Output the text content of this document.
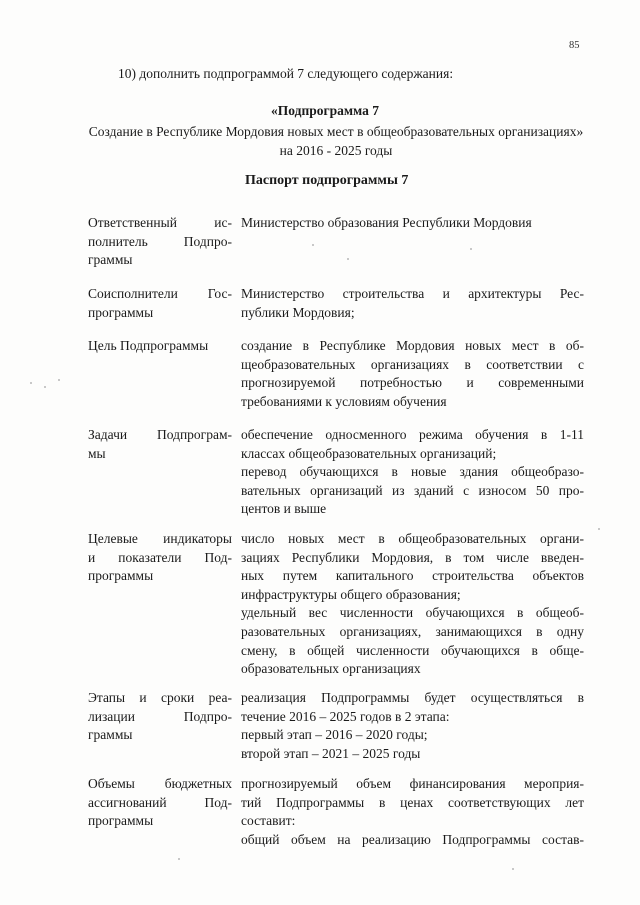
85
10) дополнить подпрограммой 7 следующего содержания:
«Подпрограмма 7
Создание в Республике Мордовия новых мест в общеобразовательных организациях» на 2016 - 2025 годы
Паспорт подпрограммы 7
Ответственный ис-
полнитель Подпро-
граммы
Министерство образования Республики Мордовия
Соисполнители Гос-
программы
Министерство строительства и архитектуры Рес-
публики Мордовия;
Цель Подпрограммы	создание в Республике Мордовия новых мест в об-
щеобразовательных организациях в соответствии с
прогнозируемой потребностью и современными
требованиями к условиям обучения
Задачи Подпрограм-
мы
обеспечение односменного режима обучения в 1-11
классах общеобразовательных организаций;
перевод обучающихся в новые здания общеобразо-
вательных организаций из зданий с износом 50 про-
центов и выше
Целевые индикаторы
и показатели Под-
программы
число новых мест в общеобразовательных органи-
зациях Республики Мордовия, в том числе введен-
ных путем капитального строительства объектов
инфраструктуры общего образования;
удельный вес численности обучающихся в общеоб-
разовательных организациях, занимающихся в одну
смену, в общей численности обучающихся в обще-
образовательных организациях
Этапы и сроки реа-
лизации Подпро-
граммы
реализация Подпрограммы будет осуществляться в
течение 2016 – 2025 годов в 2 этапа:
первый этап – 2016 – 2020 годы;
второй этап – 2021 – 2025 годы
Объемы бюджетных
ассигнований Под-
программы
прогнозируемый объем финансирования мероприя-
тий Подпрограммы в ценах соответствующих лет
составит:
общий объем на реализацию Подпрограммы состав-
